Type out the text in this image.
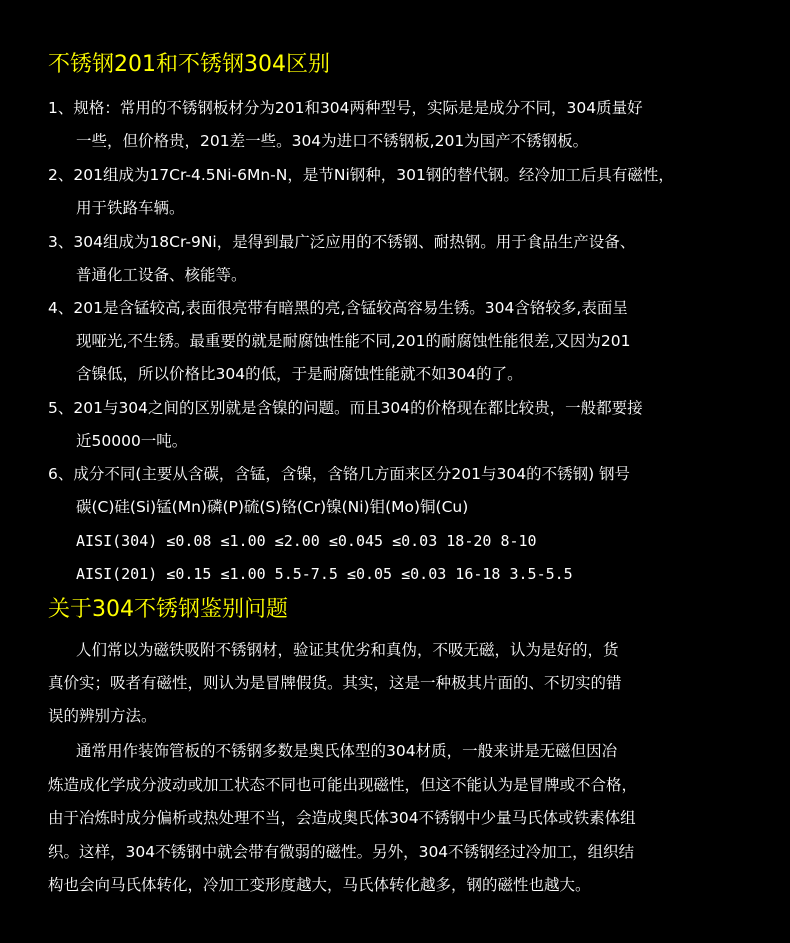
不锈钢201和不锈钢304区别
1、规格：常用的不锈钢板材分为201和304两种型号，实际是是成分不同，304质量好
一些，但价格贵，201差一些。304为进口不锈钢板,201为国产不锈钢板。
2、201组成为17Cr-4.5Ni-6Mn-N，是节Ni钢种，301钢的替代钢。经冷加工后具有磁性，
用于铁路车辆。
3、304组成为18Cr-9Ni，是得到最广泛应用的不锈钢、耐热钢。用于食品生产设备、
普通化工设备、核能等。
4、201是含锰较高,表面很亮带有暗黑的亮,含锰较高容易生锈。304含铬较多,表面呈
现哑光,不生锈。最重要的就是耐腐蚀性能不同,201的耐腐蚀性能很差,又因为201
含镍低，所以价格比304的低，于是耐腐蚀性能就不如304的了。
5、201与304之间的区别就是含镍的问题。而且304的价格现在都比较贵，一般都要接
近50000一吨。
6、成分不同(主要从含碳，含锰，含镍，含铬几方面来区分201与304的不锈钢) 钢号
碳(C)硅(Si)锰(Mn)磷(P)硫(S)铬(Cr)镍(Ni)钼(Mo)铜(Cu)
AISI(304) ≤0.08 ≤1.00 ≤2.00 ≤0.045 ≤0.03 18-20 8-10
AISI(201) ≤0.15 ≤1.00 5.5-7.5 ≤0.05 ≤0.03 16-18 3.5-5.5
关于304不锈钢鉴别问题
人们常以为磁铁吸附不锈钢材，验证其优劣和真伪，不吸无磁，认为是好的，货
真价实；吸者有磁性，则认为是冒牌假货。其实，这是一种极其片面的、不切实的错
误的辨别方法。
通常用作装饰管板的不锈钢多数是奥氏体型的304材质，一般来讲是无磁但因冶
炼造成化学成分波动或加工状态不同也可能出现磁性，但这不能认为是冒牌或不合格，
由于冶炼时成分偏析或热处理不当，会造成奥氏体304不锈钢中少量马氏体或铁素体组
织。这样，304不锈钢中就会带有微弱的磁性。另外，304不锈钢经过冷加工，组织结
构也会向马氏体转化，冷加工变形度越大，马氏体转化越多，钢的磁性也越大。
